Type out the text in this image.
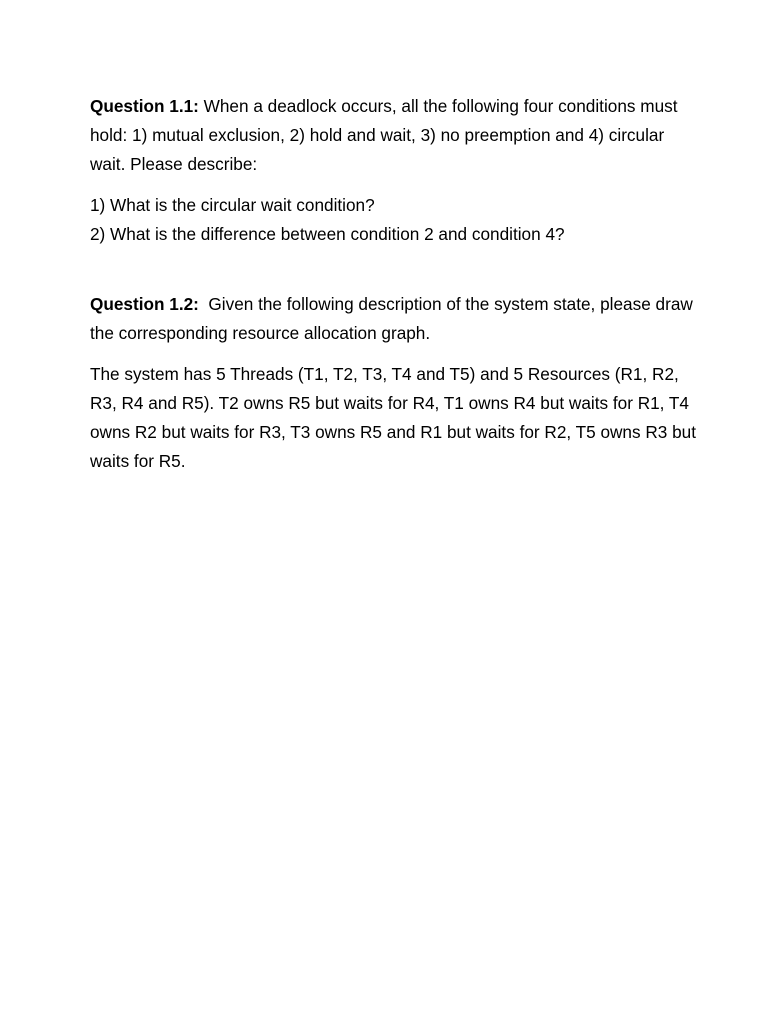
Question 1.1: When a deadlock occurs, all the following four conditions must hold: 1) mutual exclusion, 2) hold and wait, 3) no preemption and 4) circular wait. Please describe:

1) What is the circular wait condition?
2) What is the difference between condition 2 and condition 4?

Question 1.2:  Given the following description of the system state, please draw the corresponding resource allocation graph.

The system has 5 Threads (T1, T2, T3, T4 and T5) and 5 Resources (R1, R2, R3, R4 and R5). T2 owns R5 but waits for R4, T1 owns R4 but waits for R1, T4 owns R2 but waits for R3, T3 owns R5 and R1 but waits for R2, T5 owns R3 but waits for R5.
